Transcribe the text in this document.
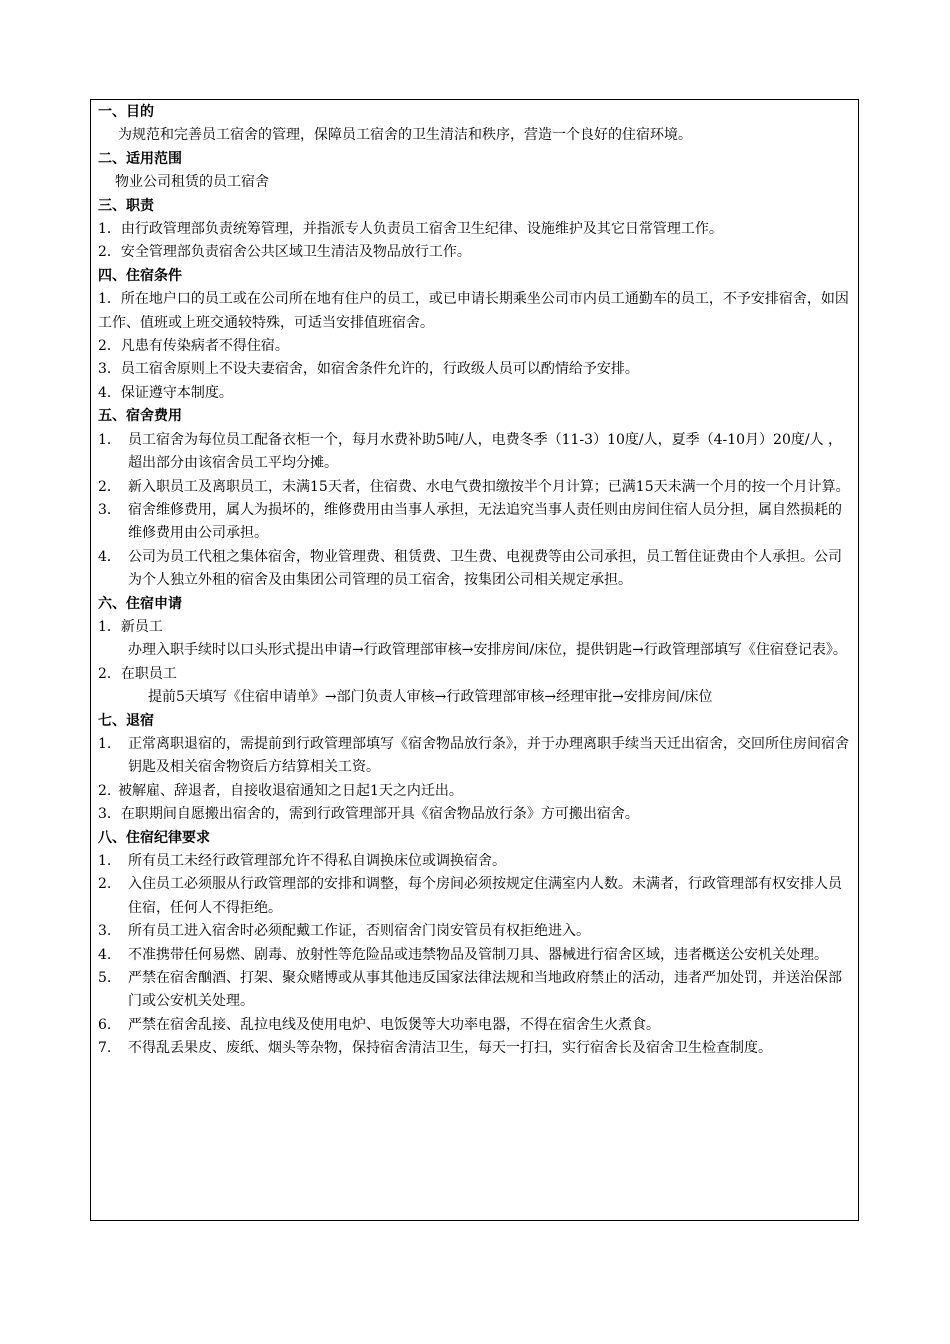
一、目的
为规范和完善员工宿舍的管理，保障员工宿舍的卫生清洁和秩序，营造一个良好的住宿环境。
二、适用范围
物业公司租赁的员工宿舍
三、职责
1． 由行政管理部负责统筹管理，并指派专人负责员工宿舍卫生纪律、设施维护及其它日常管理工作。
2． 安全管理部负责宿舍公共区域卫生清洁及物品放行工作。
四、住宿条件
1．所在地户口的员工或在公司所在地有住户的员工，或已申请长期乘坐公司市内员工通勤车的员工，不予安排宿舍，如因工作、值班或上班交通较特殊，可适当安排值班宿舍。
2． 凡患有传染病者不得住宿。
3． 员工宿舍原则上不设夫妻宿舍，如宿舍条件允许的，行政级人员可以酌情给予安排。
4． 保证遵守本制度。
五、宿舍费用
1． 员工宿舍为每位员工配备衣柜一个，每月水费补助5吨/人，电费冬季（11-3）10度/人，夏季（4-10月）20度/人 ，超出部分由该宿舍员工平均分摊。
2． 新入职员工及离职员工，未满15天者，住宿费、水电气费扣缴按半个月计算；已满15天未满一个月的按一个月计算。
3． 宿舍维修费用，属人为损坏的，维修费用由当事人承担，无法追究当事人责任则由房间住宿人员分担，属自然损耗的维修费用由公司承担。
4． 公司为员工代租之集体宿舍，物业管理费、租赁费、卫生费、电视费等由公司承担，员工暂住证费由个人承担。公司为个人独立外租的宿舍及由集团公司管理的员工宿舍，按集团公司相关规定承担。
六、住宿申请
1．新员工
办理入职手续时以口头形式提出申请→行政管理部审核→安排房间/床位，提供钥匙→行政管理部填写《住宿登记表》。
2．在职员工
提前5天填写《住宿申请单》→部门负责人审核→行政管理部审核→经理审批→安排房间/床位
七、退宿
1. 正常离职退宿的，需提前到行政管理部填写《宿舍物品放行条》，并于办理离职手续当天迁出宿舍，交回所住房间宿舍钥匙及相关宿舍物资后方结算相关工资。
2. 被解雇、辞退者，自接收退宿通知之日起1天之内迁出。
3． 在职期间自愿搬出宿舍的，需到行政管理部开具《宿舍物品放行条》方可搬出宿舍。
八、住宿纪律要求
1.	所有员工未经行政管理部允许不得私自调换床位或调换宿舍。
2.	入住员工必须服从行政管理部的安排和调整，每个房间必须按规定住满室内人数。未满者，行政管理部有权安排人员住宿，任何人不得拒绝。
3.	所有员工进入宿舍时必须配戴工作证，否则宿舍门岗安管员有权拒绝进入。
4.	不准携带任何易燃、剧毒、放射性等危险品或违禁物品及管制刀具、器械进行宿舍区域，违者概送公安机关处理。
5.	严禁在宿舍酗酒、打架、聚众赌博或从事其他违反国家法律法规和当地政府禁止的活动，违者严加处罚，并送治保部门或公安机关处理。
6.	严禁在宿舍乱接、乱拉电线及使用电炉、电饭煲等大功率电器，不得在宿舍生火煮食。
7.	不得乱丢果皮、废纸、烟头等杂物，保持宿舍清洁卫生，每天一打扫，实行宿舍长及宿舍卫生检查制度。
